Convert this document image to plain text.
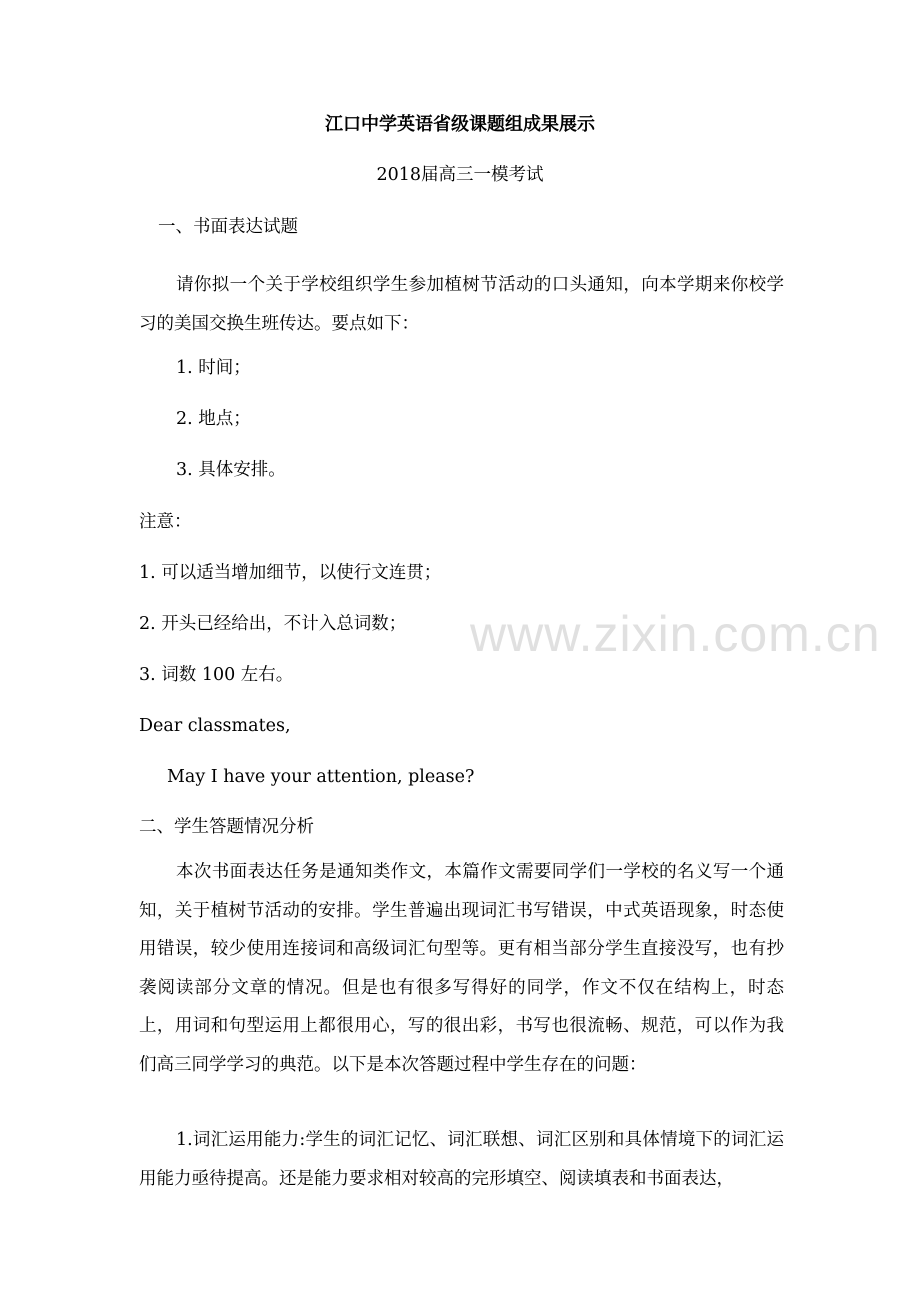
江口中学英语省级课题组成果展示
2018届高三一模考试
一、书面表达试题

请你拟一个关于学校组织学生参加植树节活动的口头通知，向本学期来你校学习的美国交换生班传达。要点如下：

1. 时间；
2. 地点；
3. 具体安排。
注意：
1. 可以适当增加细节，以使行文连贯；
2. 开头已经给出，不计入总词数；
3. 词数 100 左右。
Dear classmates,
May I have your attention, please?
二、学生答题情况分析

本次书面表达任务是通知类作文，本篇作文需要同学们一学校的名义写一个通知，关于植树节活动的安排。学生普遍出现词汇书写错误，中式英语现象，时态使用错误，较少使用连接词和高级词汇句型等。更有相当部分学生直接没写，也有抄袭阅读部分文章的情况。但是也有很多写得好的同学，作文不仅在结构上，时态上，用词和句型运用上都很用心，写的很出彩，书写也很流畅、规范，可以作为我们高三同学学习的典范。以下是本次答题过程中学生存在的问题：

1.词汇运用能力:学生的词汇记忆、词汇联想、词汇区别和具体情境下的词汇运用能力亟待提高。还是能力要求相对较高的完形填空、阅读填表和书面表达，

www.zixin.com.cn
